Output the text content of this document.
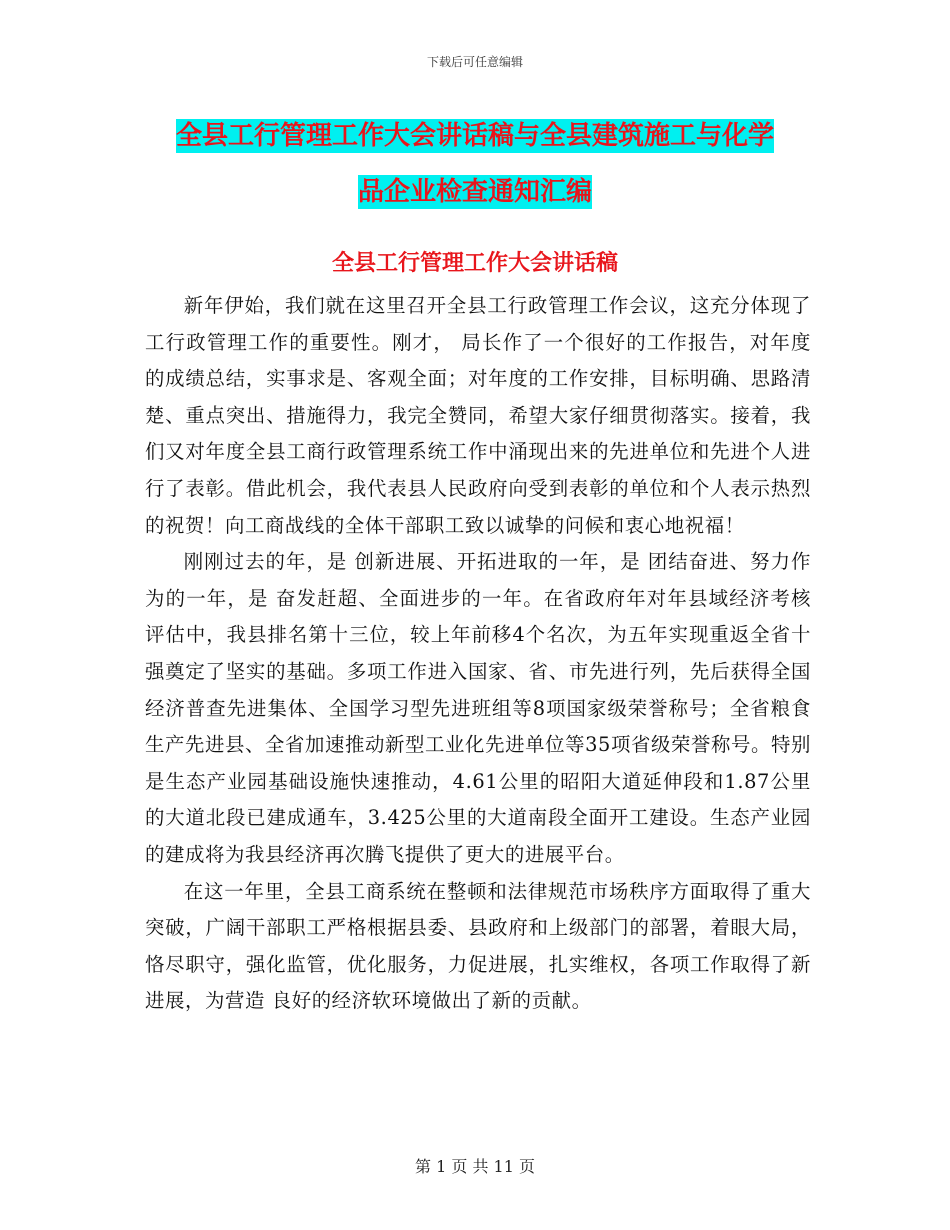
下载后可任意编辑
全县工行管理工作大会讲话稿与全县建筑施工与化学
品企业检查通知汇编
全县工行管理工作大会讲话稿

新年伊始，我们就在这里召开全县工行政管理工作会议，这充分体现了工行政管理工作的重要性。刚才， 局长作了一个很好的工作报告，对年度的成绩总结，实事求是、客观全面；对年度的工作安排，目标明确、思路清楚、重点突出、措施得力，我完全赞同，希望大家仔细贯彻落实。接着，我们又对年度全县工商行政管理系统工作中涌现出来的先进单位和先进个人进行了表彰。借此机会，我代表县人民政府向受到表彰的单位和个人表示热烈的祝贺！向工商战线的全体干部职工致以诚挚的问候和衷心地祝福！

刚刚过去的年，是 创新进展、开拓进取的一年，是 团结奋进、努力作为的一年，是 奋发赶超、全面进步的一年。在省政府年对年县域经济考核评估中，我县排名第十三位，较上年前移4个名次，为五年实现重返全省十强奠定了坚实的基础。多项工作进入国家、省、市先进行列，先后获得全国经济普查先进集体、全国学习型先进班组等8项国家级荣誉称号；全省粮食生产先进县、全省加速推动新型工业化先进单位等35项省级荣誉称号。特别是生态产业园基础设施快速推动，4.61公里的昭阳大道延伸段和1.87公里的大道北段已建成通车，3.425公里的大道南段全面开工建设。生态产业园的建成将为我县经济再次腾飞提供了更大的进展平台。

在这一年里，全县工商系统在整顿和法律规范市场秩序方面取得了重大突破，广阔干部职工严格根据县委、县政府和上级部门的部署，着眼大局，恪尽职守，强化监管，优化服务，力促进展，扎实维权，各项工作取得了新进展，为营造 良好的经济软环境做出了新的贡献。

第 1 页 共 11 页
